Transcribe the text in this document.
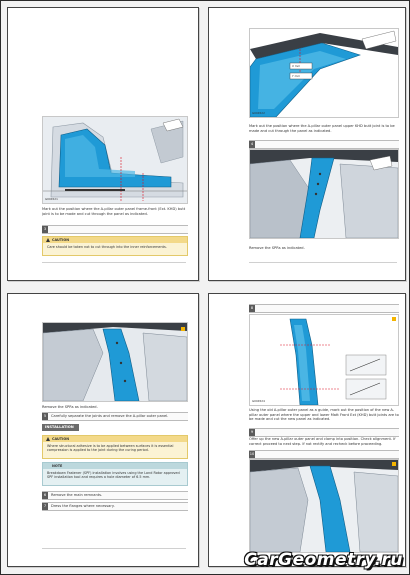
G004521
Mark out the position where the A-pillar outer panel frame-front (Ext. KHD) butt joint is to be made and cut through the panel as indicated.
3
CAUTION
Care should be taken not to cut through into the inner reinforcements.
X mm
Y mm
G004522
Mark out the position where the A-pillar outer panel upper KHD butt joint is to be made and cut through the panel as indicated.
4
Remove the SPRs as indicated.
Remove the SPRs as indicated.
5	Carefully separate the joints and remove the A-pillar outer panel.
INSTALLATION
CAUTION
Where structural adhesive is to be applied between surfaces it is essential compression is applied to the joint during the curing period.
NOTE
Breakdown Fastener (SPF) installation involves using the Lond Rotor approved SPF installation tool and requires a hole diameter of 6.5 mm.
6	Remove the main remnants.
7	Dress the flanges where necessary.
8
G004524
Using the old A-pillar outer panel as a guide, mark out the position of the new A-pillar outer panel where the upper and lower Matt Front Ext (KHD) butt joints are to be made and cut the new panel as indicated.
9
Offer up the new A-pillar outer panel and clamp into position. Check alignment. If correct proceed to next step. If not rectify and recheck before proceeding.
10
CarGeometry.ru
